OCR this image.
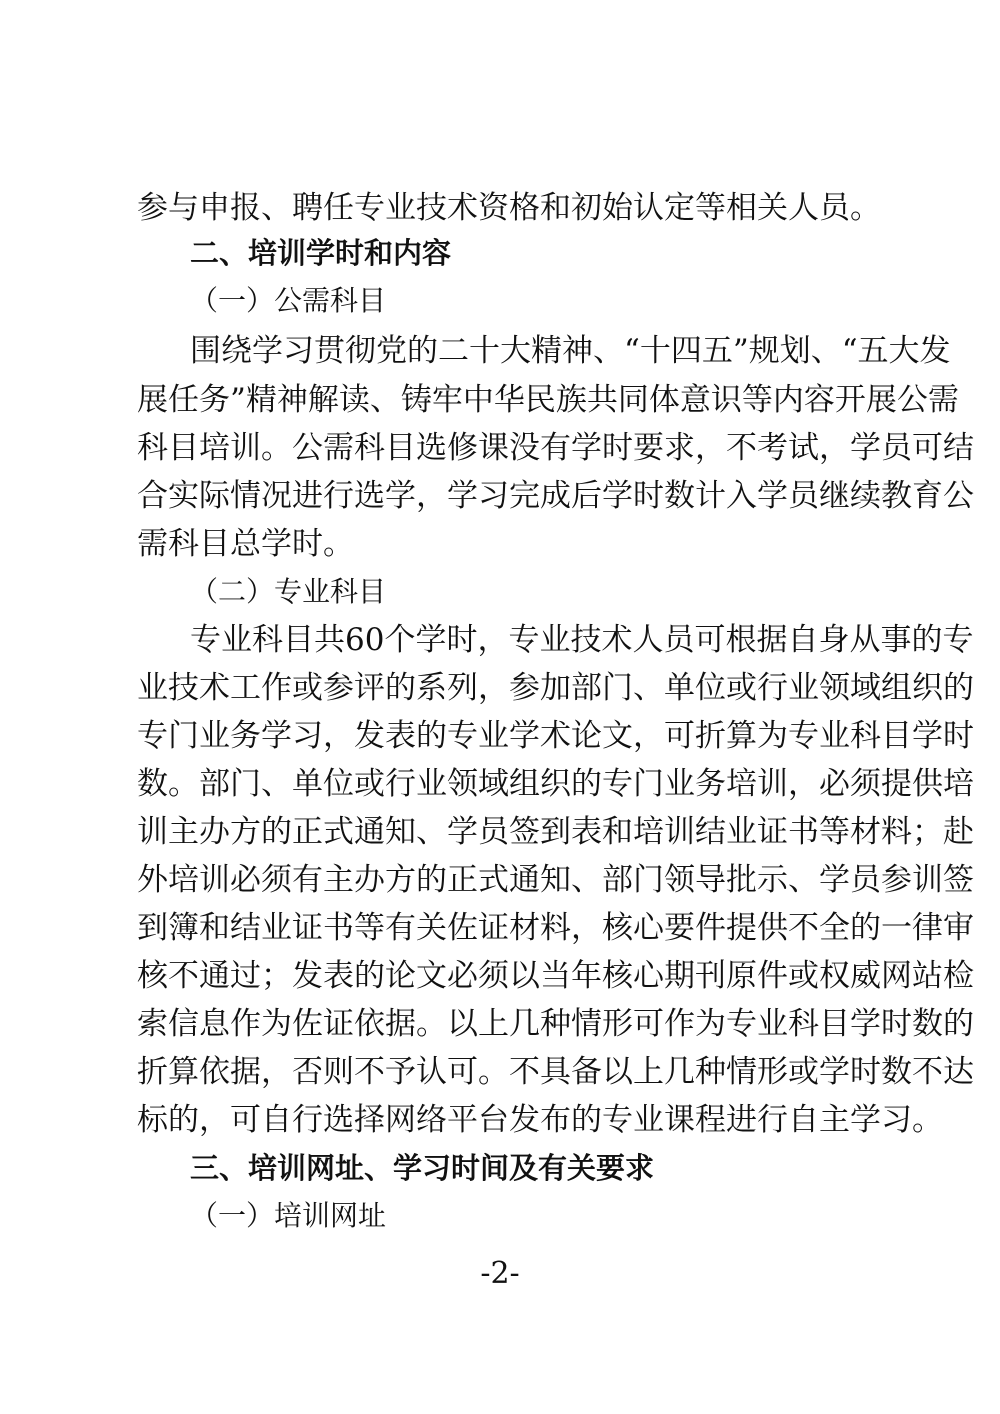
参与申报、聘任专业技术资格和初始认定等相关人员。
二、培训学时和内容
（一）公需科目
围绕学习贯彻党的二十大精神、“十四五”规划、“五大发
展任务”精神解读、铸牢中华民族共同体意识等内容开展公需
科目培训。公需科目选修课没有学时要求，不考试，学员可结
合实际情况进行选学，学习完成后学时数计入学员继续教育公
需科目总学时。
（二）专业科目
专业科目共60个学时，专业技术人员可根据自身从事的专
业技术工作或参评的系列，参加部门、单位或行业领域组织的
专门业务学习，发表的专业学术论文，可折算为专业科目学时
数。部门、单位或行业领域组织的专门业务培训，必须提供培
训主办方的正式通知、学员签到表和培训结业证书等材料；赴
外培训必须有主办方的正式通知、部门领导批示、学员参训签
到簿和结业证书等有关佐证材料，核心要件提供不全的一律审
核不通过；发表的论文必须以当年核心期刊原件或权威网站检
索信息作为佐证依据。以上几种情形可作为专业科目学时数的
折算依据，否则不予认可。不具备以上几种情形或学时数不达
标的，可自行选择网络平台发布的专业课程进行自主学习。
三、培训网址、学习时间及有关要求
（一）培训网址
-2-
